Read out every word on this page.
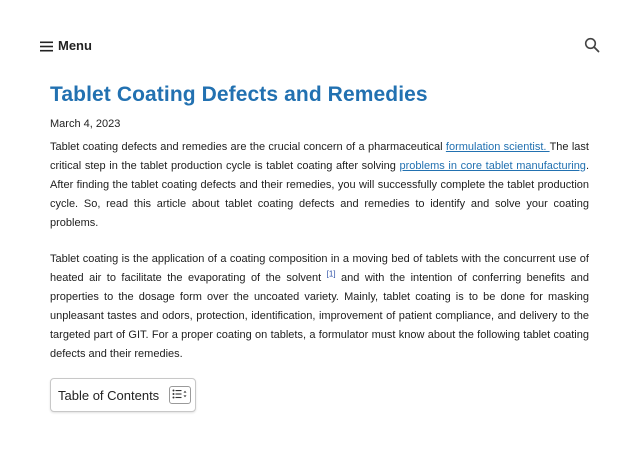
Menu
Tablet Coating Defects and Remedies
March 4, 2023

Tablet coating defects and remedies are the crucial concern of a pharmaceutical formulation scientist. The last critical step in the tablet production cycle is tablet coating after solving problems in core tablet manufacturing. After finding the tablet coating defects and their remedies, you will successfully complete the tablet production cycle. So, read this article about tablet coating defects and remedies to identify and solve your coating problems.

Tablet coating is the application of a coating composition in a moving bed of tablets with the concurrent use of heated air to facilitate the evaporating of the solvent [1] and with the intention of conferring benefits and properties to the dosage form over the uncoated variety. Mainly, tablet coating is to be done for masking unpleasant tastes and odors, protection, identification, improvement of patient compliance, and delivery to the targeted part of GIT. For a proper coating on tablets, a formulator must know about the following tablet coating defects and their remedies.

Table of Contents
